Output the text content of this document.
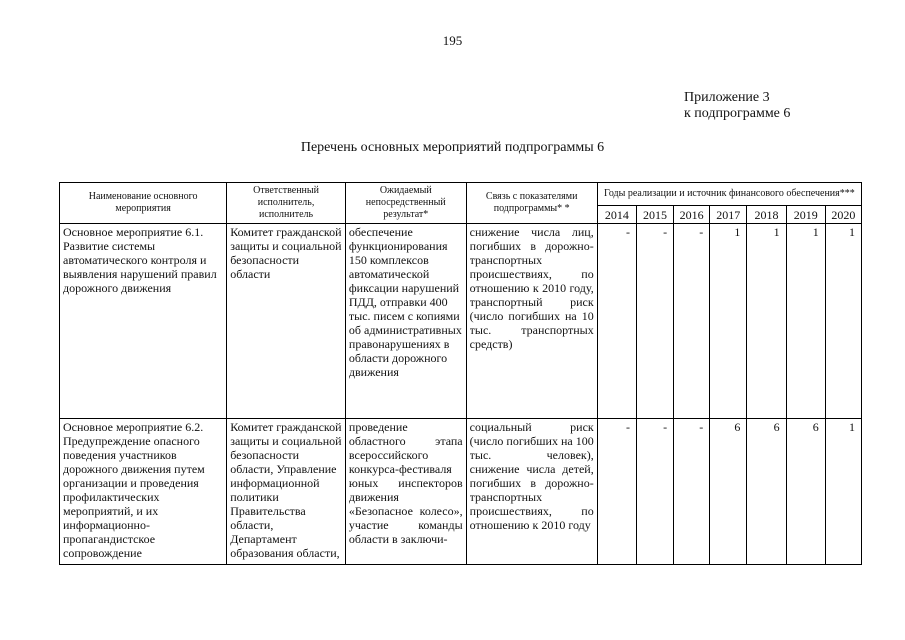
195
Приложение 3
к подпрограмме 6
Перечень основных мероприятий подпрограммы 6
Наименование основного мероприятия	Ответственный исполнитель, исполнитель	Ожидаемый непосредственный результат*	Связь с показателями подпрограммы* *	Годы реализации и источник финансового обеспечения***						
				2014	2015	2016	2017	2018	2019	2020

Основное мероприятие 6.1. Развитие системы автоматического контроля и выявления нарушений правил дорожного движения	Комитет гражданской защиты и социальной безопасности области	обеспечение функционирования 150 комплексов автоматической фиксации нарушений ПДД, отправки 400 тыс. писем с копиями об административных правонарушениях в области дорожного движения	снижение числа лиц, погибших в дорожно-транспортных происшествиях, по отношению к 2010 году, транспортный риск (число погибших на 10 тыс. транспортных средств)	-	-	-	1	1	1	1

Основное мероприятие 6.2. Предупреждение опасного поведения участников дорожного движения путем организации и проведения профилактических мероприятий, и их информационно-пропагандистское сопровождение	Комитет гражданской защиты и социальной безопасности области, Управление информационной политики Правительства области, Департамент образования области,	проведение областного этапа всероссийского конкурса-фестиваля юных инспекторов движения «Безопасное колесо», участие команды области в заключи-	социальный риск (число погибших на 100 тыс. человек), снижение числа детей, погибших в дорожно-транспортных происшествиях, по отношению к 2010 году	-	-	-	6	6	6	1
